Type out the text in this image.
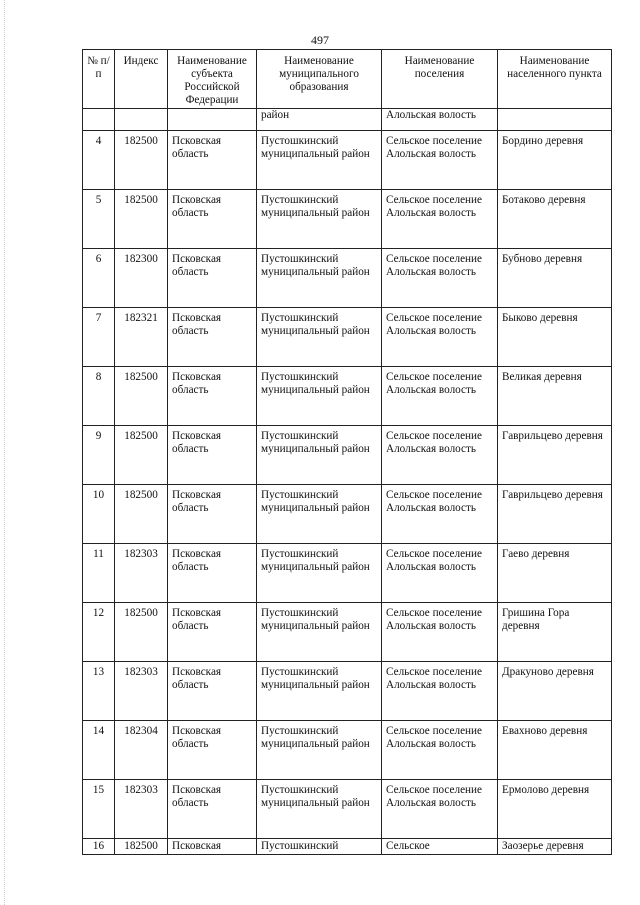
497
№ п/п	Индекс	Наименование субъекта Российской Федерации	Наименование муниципального образования	Наименование поселения	Наименование населенного пункта
			район	Алольская волость	
4	182500	Псковская область	Пустошкинский муниципальный район	Сельское поселение Алольская волость	Бордино деревня
5	182500	Псковская область	Пустошкинский муниципальный район	Сельское поселение Алольская волость	Ботаково деревня
6	182300	Псковская область	Пустошкинский муниципальный район	Сельское поселение Алольская волость	Бубново деревня
7	182321	Псковская область	Пустошкинский муниципальный район	Сельское поселение Алольская волость	Быково деревня
8	182500	Псковская область	Пустошкинский муниципальный район	Сельское поселение Алольская волость	Великая деревня
9	182500	Псковская область	Пустошкинский муниципальный район	Сельское поселение Алольская волость	Гаврильцево деревня
10	182500	Псковская область	Пустошкинский муниципальный район	Сельское поселение Алольская волость	Гаврильцево деревня
11	182303	Псковская область	Пустошкинский муниципальный район	Сельское поселение Алольская волость	Гаево деревня
12	182500	Псковская область	Пустошкинский муниципальный район	Сельское поселение Алольская волость	Гришина Гора деревня
13	182303	Псковская область	Пустошкинский муниципальный район	Сельское поселение Алольская волость	Дракуново деревня
14	182304	Псковская область	Пустошкинский муниципальный район	Сельское поселение Алольская волость	Евахново деревня
15	182303	Псковская область	Пустошкинский муниципальный район	Сельское поселение Алольская волость	Ермолово деревня
16	182500	Псковская	Пустошкинский	Сельское	Заозерье деревня
